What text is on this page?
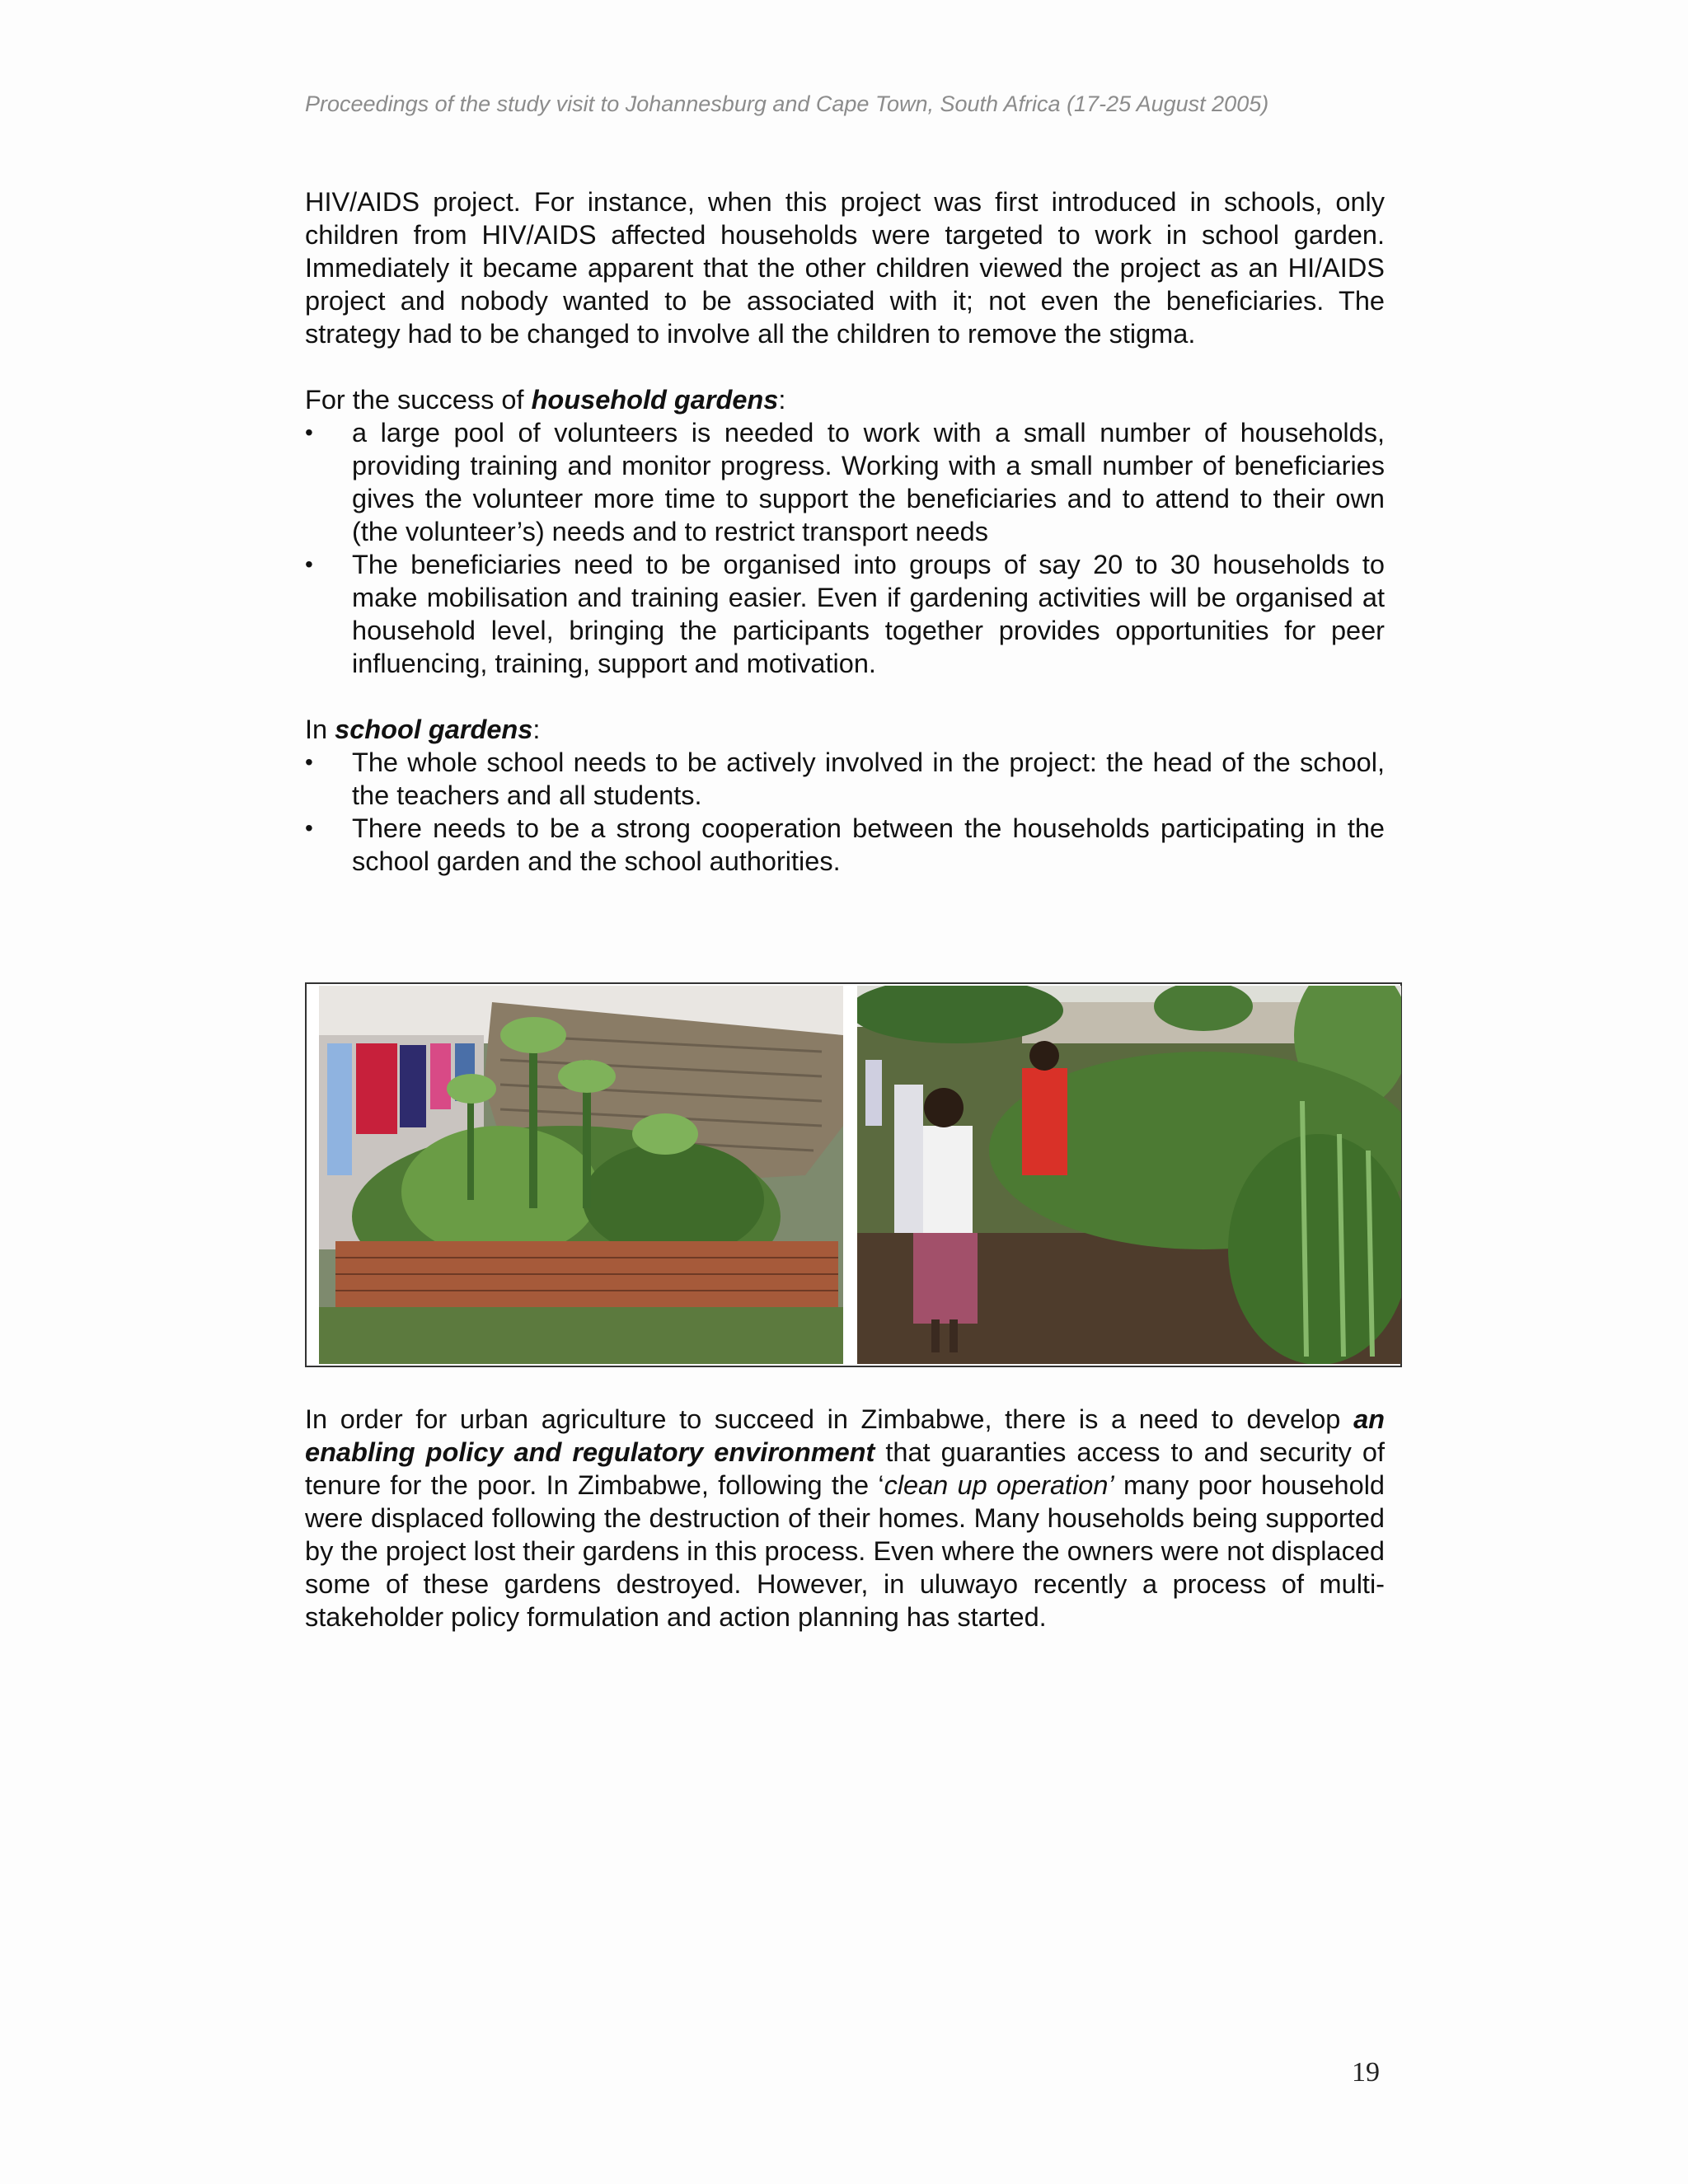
Proceedings of the study visit to Johannesburg and Cape Town, South Africa (17-25 August 2005)

HIV/AIDS project. For instance, when this project was first introduced in schools, only children from HIV/AIDS affected households were targeted to work in school garden. Immediately it became apparent that the other children viewed the project as an HI/AIDS project and nobody wanted to be associated with it; not even the beneficiaries. The strategy had to be changed to involve all the children to remove the stigma.

For the success of household gardens:

•	a large pool of volunteers is needed to work with a small number of households, providing training and monitor progress. Working with a small number of beneficiaries gives the volunteer more time to support the beneficiaries and to attend to their own (the volunteer’s) needs and to restrict transport needs
•	The beneficiaries need to be organised into groups of say 20 to 30 households to make mobilisation and training easier. Even if gardening activities will be organised at household level, bringing the participants together provides opportunities for peer influencing, training, support and motivation.

In school gardens:

•	The whole school needs to be actively involved in the project: the head of the school, the teachers and all students.
•	There needs to be a strong cooperation between the households participating in the school garden and the school authorities.

In order for urban agriculture to succeed in Zimbabwe, there is a need to develop an enabling policy and regulatory environment that guaranties access to and security of tenure for the poor. In Zimbabwe, following the ‘clean up operation’ many poor household were displaced following the destruction of their homes. Many households being supported by the project lost their gardens in this process. Even where the owners were not displaced some of these gardens destroyed. However, in uluwayo recently a process of multi-stakeholder policy formulation and action planning has started.

19
